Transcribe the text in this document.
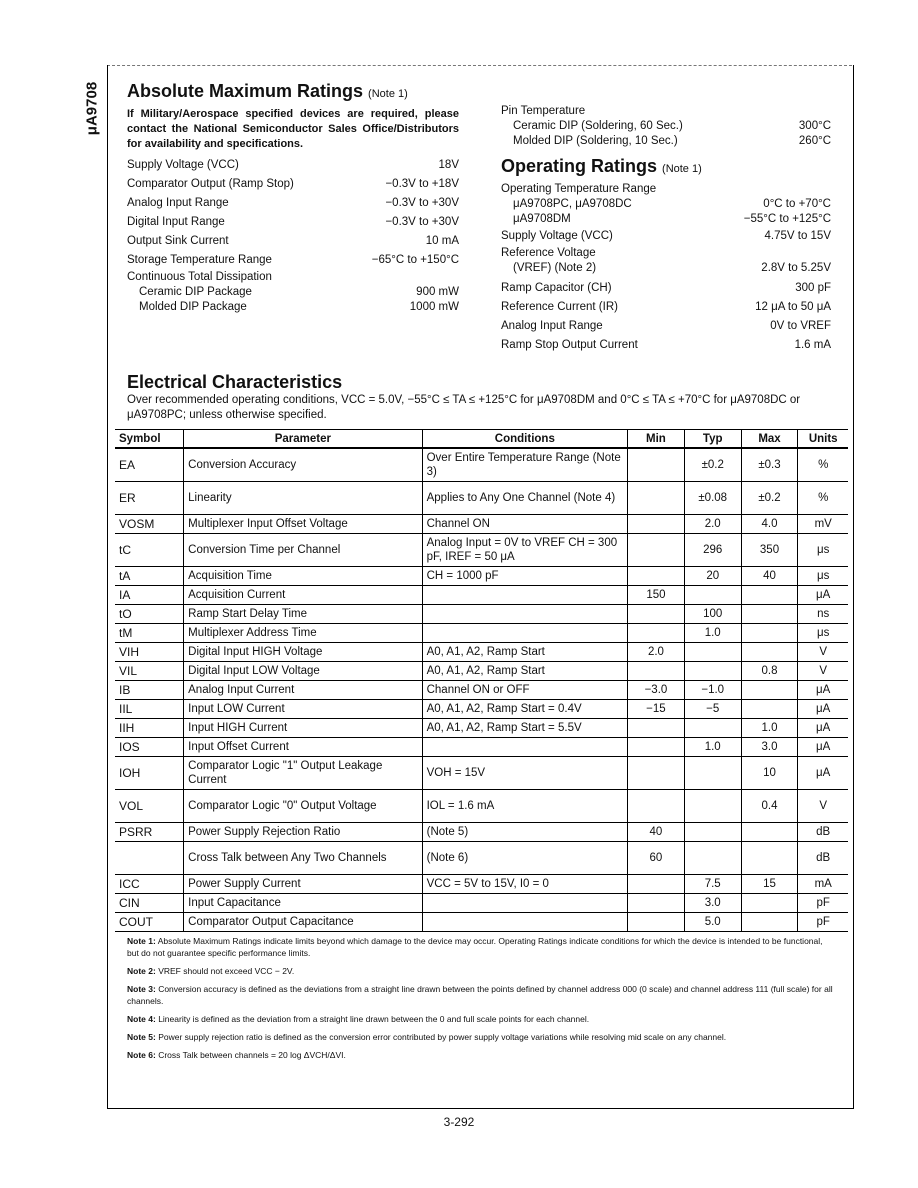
μA9708 Absolute Maximum Ratings (Note 1)
If Military/Aerospace specified devices are required, please contact the National Semiconductor Sales Office/Distributors for availability and specifications.
Supply Voltage (VCC)	18V
Comparator Output (Ramp Stop)	−0.3V to +18V
Analog Input Range	−0.3V to +30V
Digital Input Range	−0.3V to +30V
Output Sink Current	10 mA
Storage Temperature Range	−65°C to +150°C
Continuous Total Dissipation
Ceramic DIP Package	900 mW
Molded DIP Package	1000 mW
Pin Temperature
Ceramic DIP (Soldering, 60 Sec.)	300°C
Molded DIP (Soldering, 10 Sec.)	260°C
Operating Ratings (Note 1)
Operating Temperature Range
μA9708PC, μA9708DC	0°C to +70°C
μA9708DM	−55°C to +125°C
Supply Voltage (VCC)	4.75V to 15V
Reference Voltage
(VREF) (Note 2)	2.8V to 5.25V
Ramp Capacitor (CH)	300 pF
Reference Current (IR)	12 μA to 50 μA
Analog Input Range	0V to VREF
Ramp Stop Output Current	1.6 mA
Electrical Characteristics
Over recommended operating conditions, VCC = 5.0V, −55°C ≤ TA ≤ +125°C for μA9708DM and 0°C ≤ TA ≤ +70°C for μA9708DC or μA9708PC; unless otherwise specified.
Symbol	Parameter	Conditions	Min	Typ	Max	Units
EA	Conversion Accuracy	Over Entire Temperature Range (Note 3)		±0.2	±0.3	%
ER	Linearity	Applies to Any One Channel (Note 4)		±0.08	±0.2	%
VOSM	Multiplexer Input Offset Voltage	Channel ON		2.0	4.0	mV
tC	Conversion Time per Channel	Analog Input = 0V to VREF CH = 300 pF, IREF = 50 μA		296	350	μs
tA	Acquisition Time	CH = 1000 pF		20	40	μs
IA	Acquisition Current		150			μA
tO	Ramp Start Delay Time			100		ns
tM	Multiplexer Address Time			1.0		μs
VIH	Digital Input HIGH Voltage	A0, A1, A2, Ramp Start	2.0			V
VIL	Digital Input LOW Voltage	A0, A1, A2, Ramp Start			0.8	V
IB	Analog Input Current	Channel ON or OFF	−3.0	−1.0		μA
IIL	Input LOW Current	A0, A1, A2, Ramp Start = 0.4V	−15	−5		μA
IIH	Input HIGH Current	A0, A1, A2, Ramp Start = 5.5V			1.0	μA
IOS	Input Offset Current			1.0	3.0	μA
IOH	Comparator Logic "1" Output Leakage Current	VOH = 15V			10	μA
VOL	Comparator Logic "0" Output Voltage	IOL = 1.6 mA			0.4	V
PSRR	Power Supply Rejection Ratio	(Note 5)	40			dB
	Cross Talk between Any Two Channels	(Note 6)	60			dB
ICC	Power Supply Current	VCC = 5V to 15V, I0 = 0		7.5	15	mA
CIN	Input Capacitance			3.0		pF
COUT	Comparator Output Capacitance			5.0		pF

Note 1: Absolute Maximum Ratings indicate limits beyond which damage to the device may occur. Operating Ratings indicate conditions for which the device is intended to be functional, but do not guarantee specific performance limits.

Note 2: VREF should not exceed VCC − 2V.

Note 3: Conversion accuracy is defined as the deviations from a straight line drawn between the points defined by channel address 000 (0 scale) and channel address 111 (full scale) for all channels.

Note 4: Linearity is defined as the deviation from a straight line drawn between the 0 and full scale points for each channel.

Note 5: Power supply rejection ratio is defined as the conversion error contributed by power supply voltage variations while resolving mid scale on any channel.

Note 6: Cross Talk between channels = 20 log ΔVCH/ΔVI.

3-292
